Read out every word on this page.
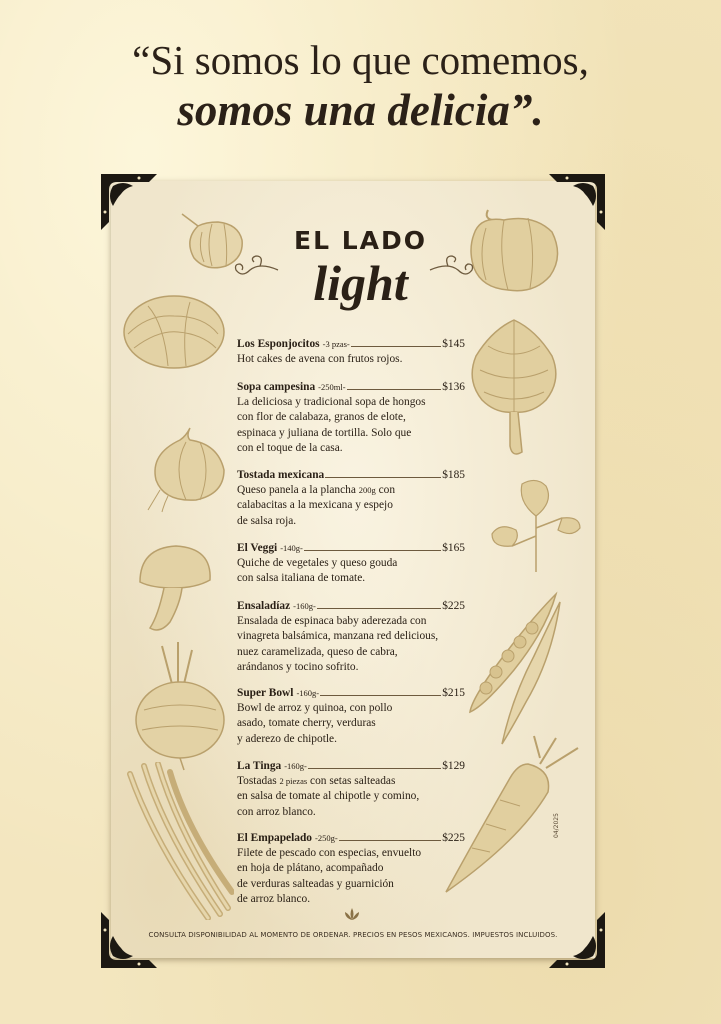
“Si somos lo que comemos,

somos una delicia”.

EL LADO

light

Los Esponjocitos -3 pzas-	$145
Hot cakes de avena con frutos rojos.
Sopa campesina -250ml-	$136
La deliciosa y tradicional sopa de hongos
con flor de calabaza, granos de elote,
espinaca y juliana de tortilla. Solo que
con el toque de la casa.
Tostada mexicana	$185
Queso panela a la plancha 200g con
calabacitas a la mexicana y espejo
de salsa roja.
El Veggi -140g-	$165
Quiche de vegetales y queso gouda
con salsa italiana de tomate.
Ensaladíaz -160g-	$225
Ensalada de espinaca baby aderezada con
vinagreta balsámica, manzana red delicious,
nuez caramelizada, queso de cabra,
arándanos y tocino sofrito.
Super Bowl -160g-	$215
Bowl de arroz y quinoa, con pollo
asado, tomate cherry, verduras
y aderezo de chipotle.
La Tinga -160g-	$129
Tostadas 2 piezas con setas salteadas
en salsa de tomate al chipotle y comino,
con arroz blanco.
El Empapelado -250g-	$225
Filete de pescado con especias, envuelto
en hoja de plátano, acompañado
de verduras salteadas y guarnición
de arroz blanco.
04/2025

CONSULTA DISPONIBILIDAD AL MOMENTO DE ORDENAR. PRECIOS EN PESOS MEXICANOS. IMPUESTOS INCLUIDOS.
